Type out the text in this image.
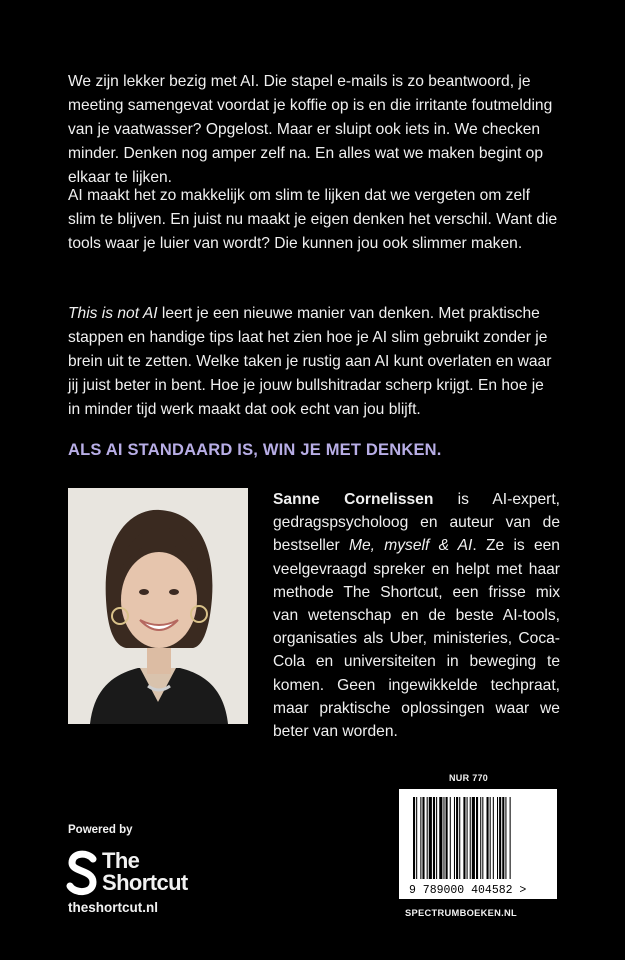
We zijn lekker bezig met AI. Die stapel e-mails is zo beantwoord, je meeting samengevat voordat je koffie op is en die irritante foutmelding van je vaatwasser? Opgelost. Maar er sluipt ook iets in. We checken minder. Denken nog amper zelf na. En alles wat we maken begint op elkaar te lijken.

AI maakt het zo makkelijk om slim te lijken dat we vergeten om zelf slim te blijven. En juist nu maakt je eigen denken het verschil. Want die tools waar je luier van wordt? Die kunnen jou ook slimmer maken.

This is not AI leert je een nieuwe manier van denken. Met praktische stappen en handige tips laat het zien hoe je AI slim gebruikt zonder je brein uit te zetten. Welke taken je rustig aan AI kunt overlaten en waar jij juist beter in bent. Hoe je jouw bullshitradar scherp krijgt. En hoe je in minder tijd werk maakt dat ook echt van jou blijft.

ALS AI STANDAARD IS, WIN JE MET DENKEN.

Sanne Cornelissen is AI-expert, gedragspsycholoog en auteur van de bestseller Me, myself & AI. Ze is een veelgevraagd spreker en helpt met haar methode The Shortcut, een frisse mix van wetenschap en de beste AI-tools, organisaties als Uber, ministeries, Coca-Cola en universiteiten in beweging te komen. Geen ingewikkelde techpraat, maar praktische oplossingen waar we beter van worden.

Powered by
The
Shortcut
theshortcut.nl
NUR 770
9 789000 404582 >
SPECTRUMBOEKEN.NL
